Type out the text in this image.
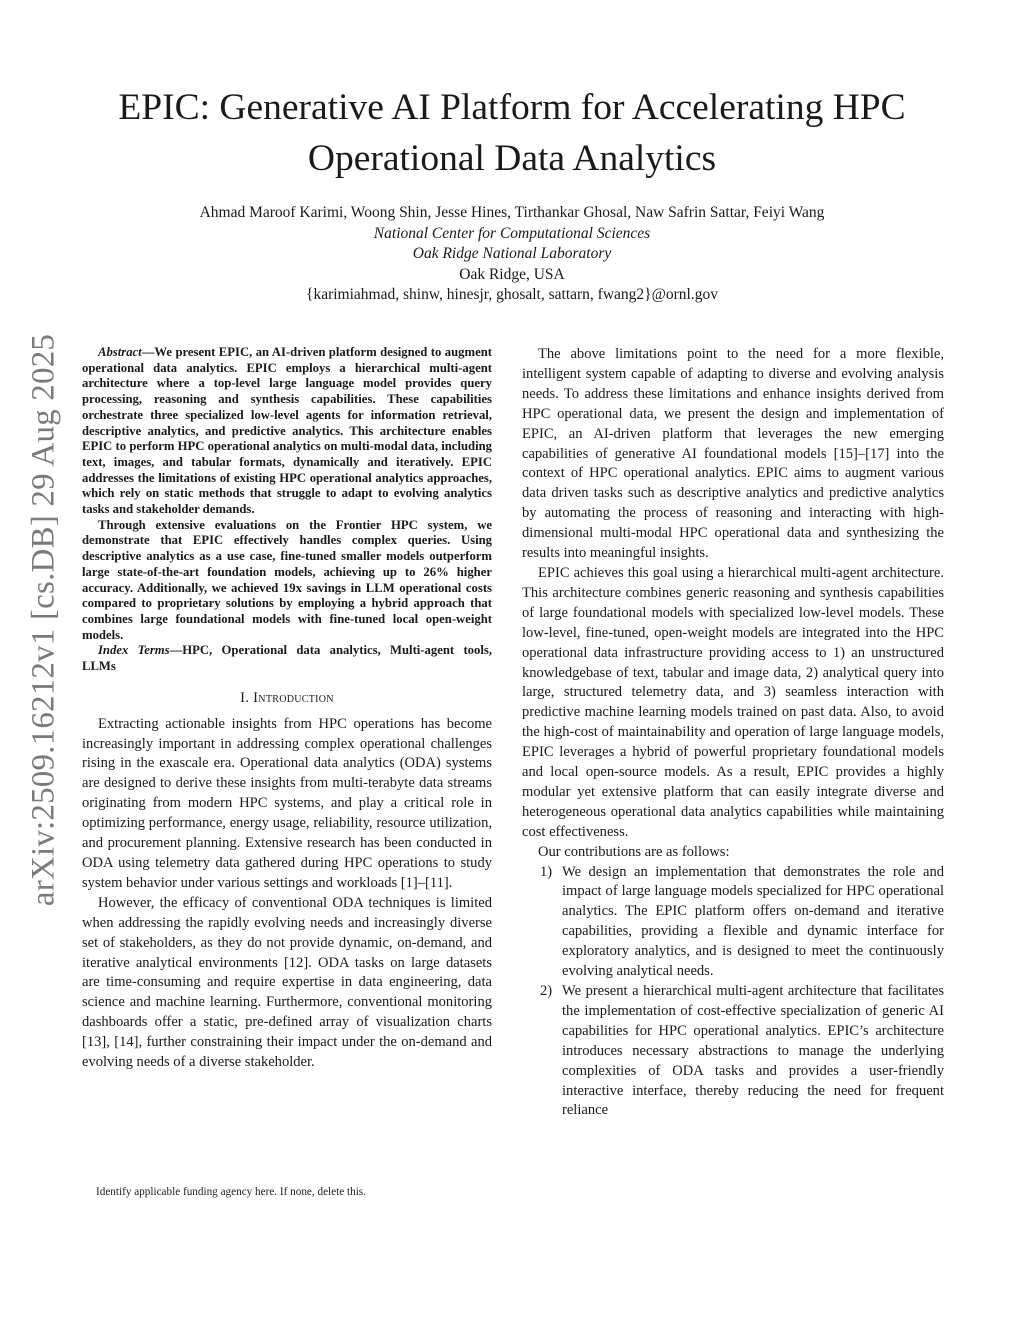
arXiv:2509.16212v1 [cs.DB] 29 Aug 2025
EPIC: Generative AI Platform for Accelerating HPC Operational Data Analytics
Ahmad Maroof Karimi, Woong Shin, Jesse Hines, Tirthankar Ghosal, Naw Safrin Sattar, Feiyi Wang
National Center for Computational Sciences
Oak Ridge National Laboratory
Oak Ridge, USA
{karimiahmad, shinw, hinesjr, ghosalt, sattarn, fwang2}@ornl.gov

Abstract—We present EPIC, an AI-driven platform designed to augment operational data analytics. EPIC employs a hierarchical multi-agent architecture where a top-level large language model provides query processing, reasoning and synthesis capabilities. These capabilities orchestrate three specialized low-level agents for information retrieval, descriptive analytics, and predictive analytics. This architecture enables EPIC to perform HPC operational analytics on multi-modal data, including text, images, and tabular formats, dynamically and iteratively. EPIC addresses the limitations of existing HPC operational analytics approaches, which rely on static methods that struggle to adapt to evolving analytics tasks and stakeholder demands.

Through extensive evaluations on the Frontier HPC system, we demonstrate that EPIC effectively handles complex queries. Using descriptive analytics as a use case, fine-tuned smaller models outperform large state-of-the-art foundation models, achieving up to 26% higher accuracy. Additionally, we achieved 19x savings in LLM operational costs compared to proprietary solutions by employing a hybrid approach that combines large foundational models with fine-tuned local open-weight models.

Index Terms—HPC, Operational data analytics, Multi-agent tools, LLMs

I. Introduction

Extracting actionable insights from HPC operations has become increasingly important in addressing complex operational challenges rising in the exascale era. Operational data analytics (ODA) systems are designed to derive these insights from multi-terabyte data streams originating from modern HPC systems, and play a critical role in optimizing performance, energy usage, reliability, resource utilization, and procurement planning. Extensive research has been conducted in ODA using telemetry data gathered during HPC operations to study system behavior under various settings and workloads [1]–[11].

However, the efficacy of conventional ODA techniques is limited when addressing the rapidly evolving needs and increasingly diverse set of stakeholders, as they do not provide dynamic, on-demand, and iterative analytical environments [12]. ODA tasks on large datasets are time-consuming and require expertise in data engineering, data science and machine learning. Furthermore, conventional monitoring dashboards offer a static, pre-defined array of visualization charts [13], [14], further constraining their impact under the on-demand and evolving needs of a diverse stakeholder.

Identify applicable funding agency here. If none, delete this.

The above limitations point to the need for a more flexible, intelligent system capable of adapting to diverse and evolving analysis needs. To address these limitations and enhance insights derived from HPC operational data, we present the design and implementation of EPIC, an AI-driven platform that leverages the new emerging capabilities of generative AI foundational models [15]–[17] into the context of HPC operational analytics. EPIC aims to augment various data driven tasks such as descriptive analytics and predictive analytics by automating the process of reasoning and interacting with high-dimensional multi-modal HPC operational data and synthesizing the results into meaningful insights.

EPIC achieves this goal using a hierarchical multi-agent architecture. This architecture combines generic reasoning and synthesis capabilities of large foundational models with specialized low-level models. These low-level, fine-tuned, open-weight models are integrated into the HPC operational data infrastructure providing access to 1) an unstructured knowledgebase of text, tabular and image data, 2) analytical query into large, structured telemetry data, and 3) seamless interaction with predictive machine learning models trained on past data. Also, to avoid the high-cost of maintainability and operation of large language models, EPIC leverages a hybrid of powerful proprietary foundational models and local open-source models. As a result, EPIC provides a highly modular yet extensive platform that can easily integrate diverse and heterogeneous operational data analytics capabilities while maintaining cost effectiveness.

Our contributions are as follows:

1) We design an implementation that demonstrates the role and impact of large language models specialized for HPC operational analytics. The EPIC platform offers on-demand and iterative capabilities, providing a flexible and dynamic interface for exploratory analytics, and is designed to meet the continuously evolving analytical needs.
2) We present a hierarchical multi-agent architecture that facilitates the implementation of cost-effective specialization of generic AI capabilities for HPC operational analytics. EPIC’s architecture introduces necessary abstractions to manage the underlying complexities of ODA tasks and provides a user-friendly interactive interface, thereby reducing the need for frequent reliance
